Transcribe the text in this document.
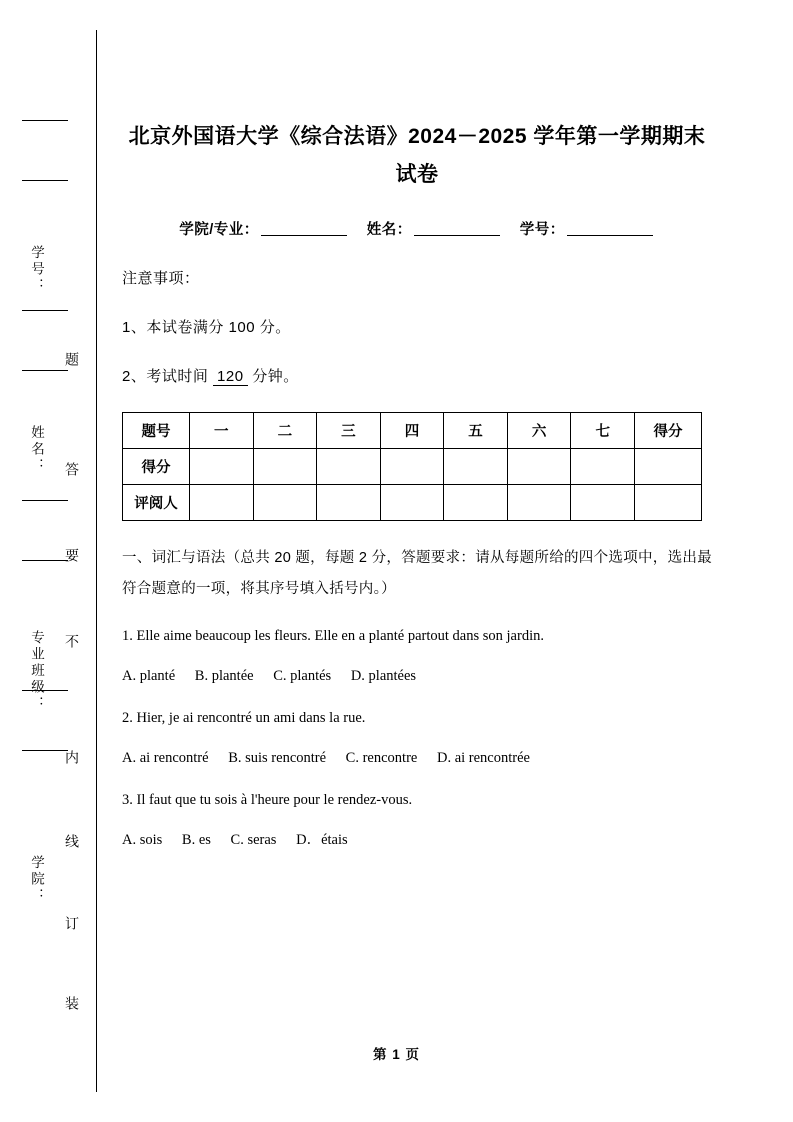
学号：
姓名：
专业班级：
学院：
题
答
要
不
内
线
订
装
北京外国语大学《综合法语》2024－2025 学年第一学期期末试卷
学院/专业：	姓名：	学号：
注意事项：
1、本试卷满分 100 分。
2、考试时间 120 分钟。
题号	一	二	三	四	五	六	七	得分
得分								
评阅人								
一、词汇与语法（总共 20 题，每题 2 分，答题要求：请从每题所给的四个选项中，选出最符合题意的一项，将其序号填入括号内。）
1. Elle aime beaucoup les fleurs. Elle en a planté partout dans son jardin.
A. planté B. plantée C. plantés D. plantées
2. Hier, je ai rencontré un ami dans la rue.
A. ai rencontré B. suis rencontré C. rencontre D. ai rencontrée
3. Il faut que tu sois à l'heure pour le rendez-vous.
A. sois B. es C. seras D．étais
第 1 页
